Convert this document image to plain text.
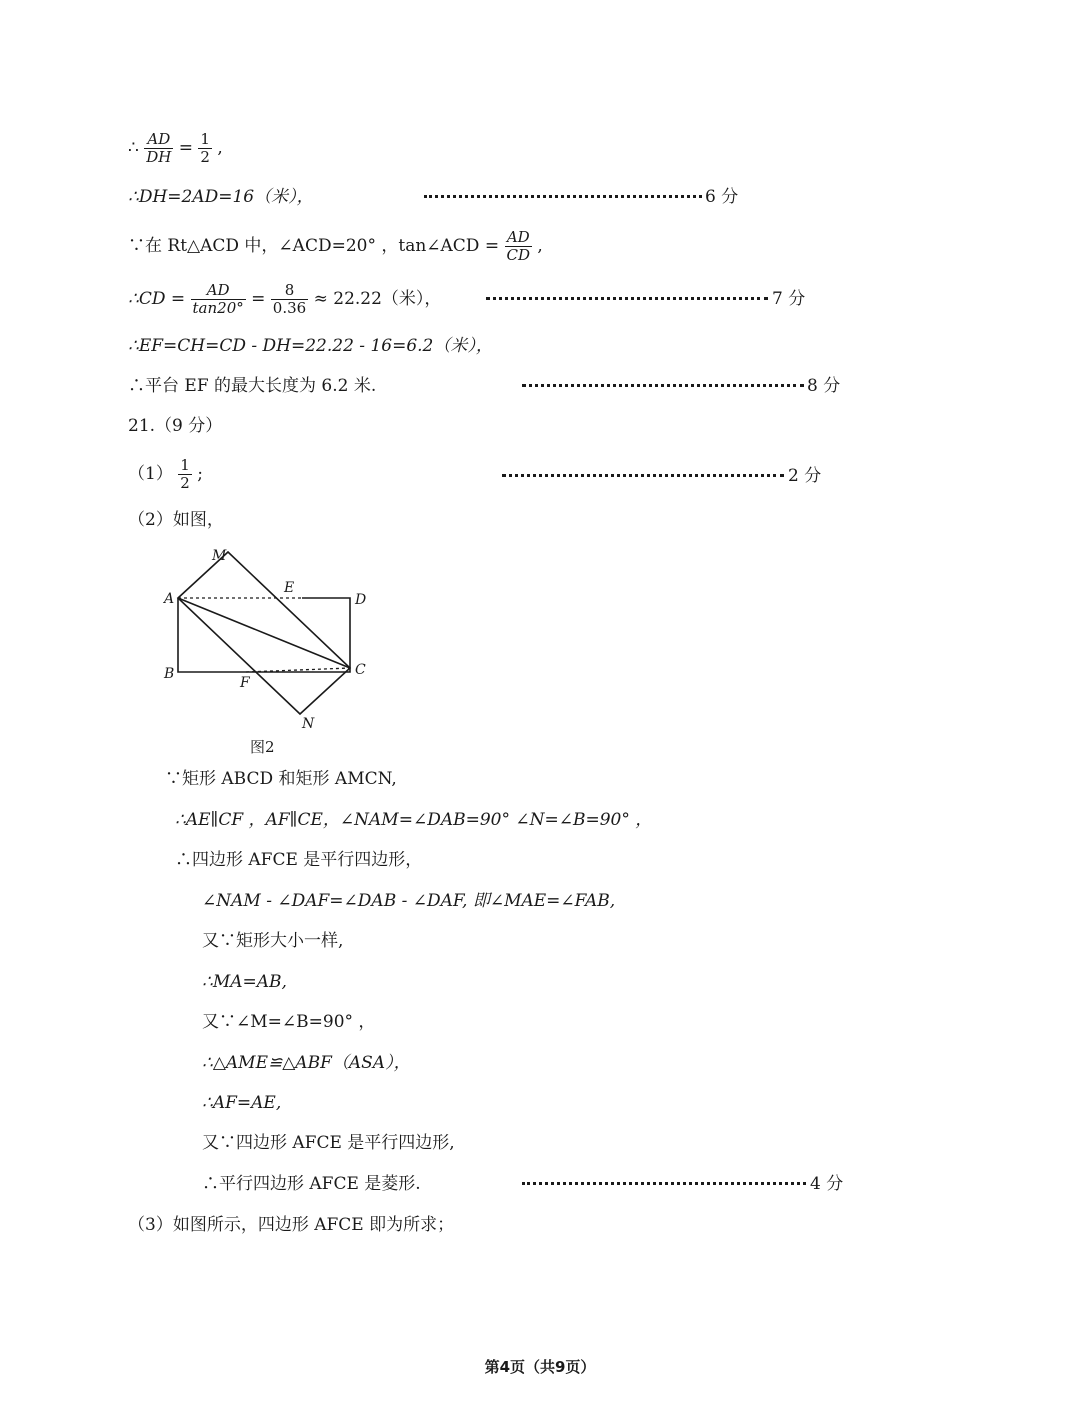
∴ $\frac{AD}{DH} = \frac{1}{2}$ ,
∴DH=2AD=16（米），	6 分
∵在 Rt△ACD 中，∠ACD=20° ，tan∠ACD = $\frac{AD}{CD}$ ,
∴CD = $\frac{AD}{\tan 20^\circ} = \frac{8}{0.36} \approx 22.22$（米），	7 分
∴EF=CH=CD - DH=22.22 - 16=6.2（米），
∴平台 EF 的最大长度为 6.2 米.	8 分
21.（9 分）
$(1) \frac{1}{2}$ ;	2 分
（2）如图，
M
E
A	D
B
F
C
N
图2
∵矩形 ABCD 和矩形 AMCN,
∴AE∥CF ，AF∥CE，∠NAM=∠DAB=90° ∠N=∠B=90° ，
∴四边形 AFCE 是平行四边形，
∠NAM - ∠DAF=∠DAB - ∠DAF, 即∠MAE=∠FAB,
又∵矩形大小一样,
∴MA=AB,
又∵∠M=∠B=90° ，
∴△AME≌△ABF（ASA），
∴AF=AE,
又∵四边形 AFCE 是平行四边形,
∴平行四边形 AFCE 是菱形.	4 分
（3）如图所示，四边形 AFCE 即为所求；
第4页（共9页）
